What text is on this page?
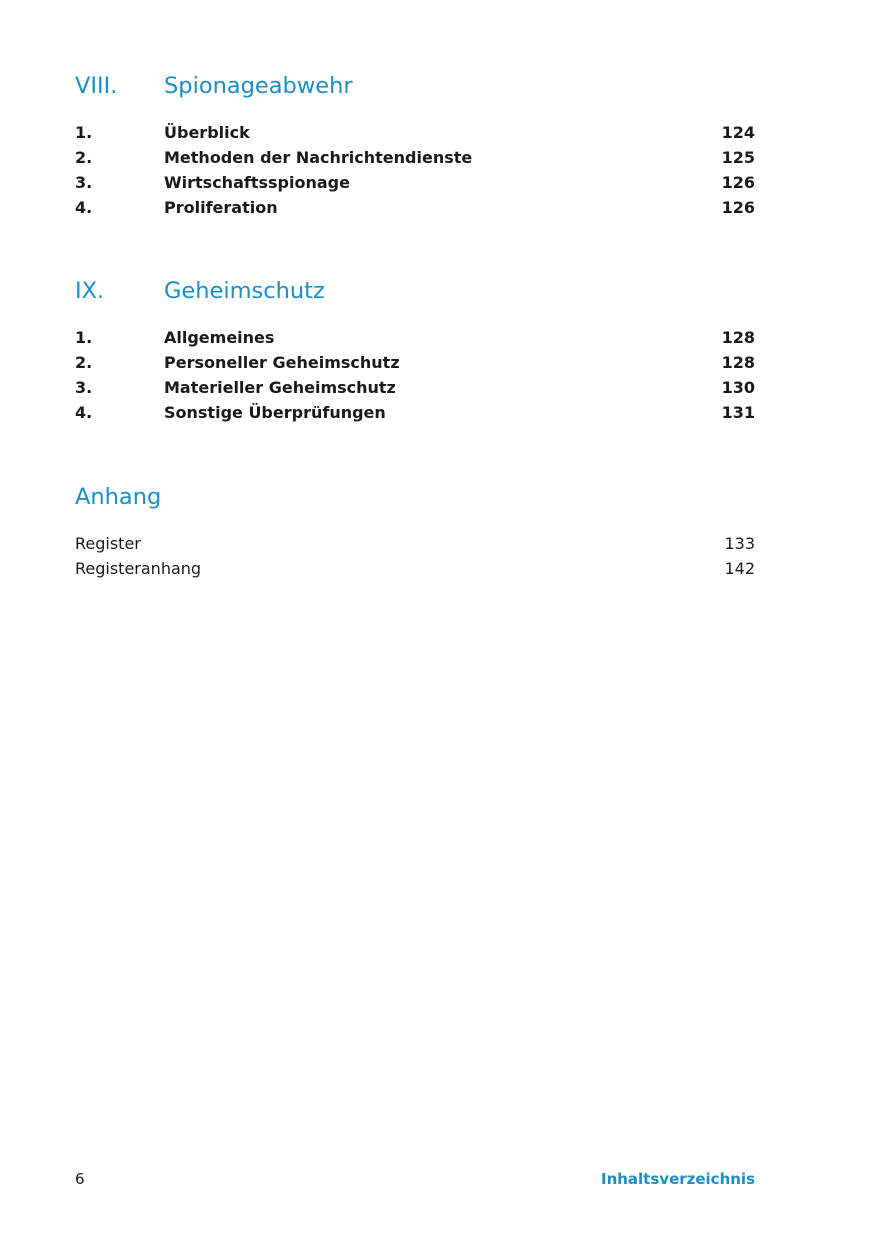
VIII. Spionageabwehr
1.	Überblick	124
2.	Methoden der Nachrichtendienste	125
3.	Wirtschaftsspionage	126
4.	Proliferation	126
IX.	Geheimschutz
1.	Allgemeines	128
2.	Personeller Geheimschutz	128
3.	Materieller Geheimschutz	130
4.	Sonstige Überprüfungen	131
Anhang
Register	133
Registeranhang	142
6	Inhaltsverzeichnis
